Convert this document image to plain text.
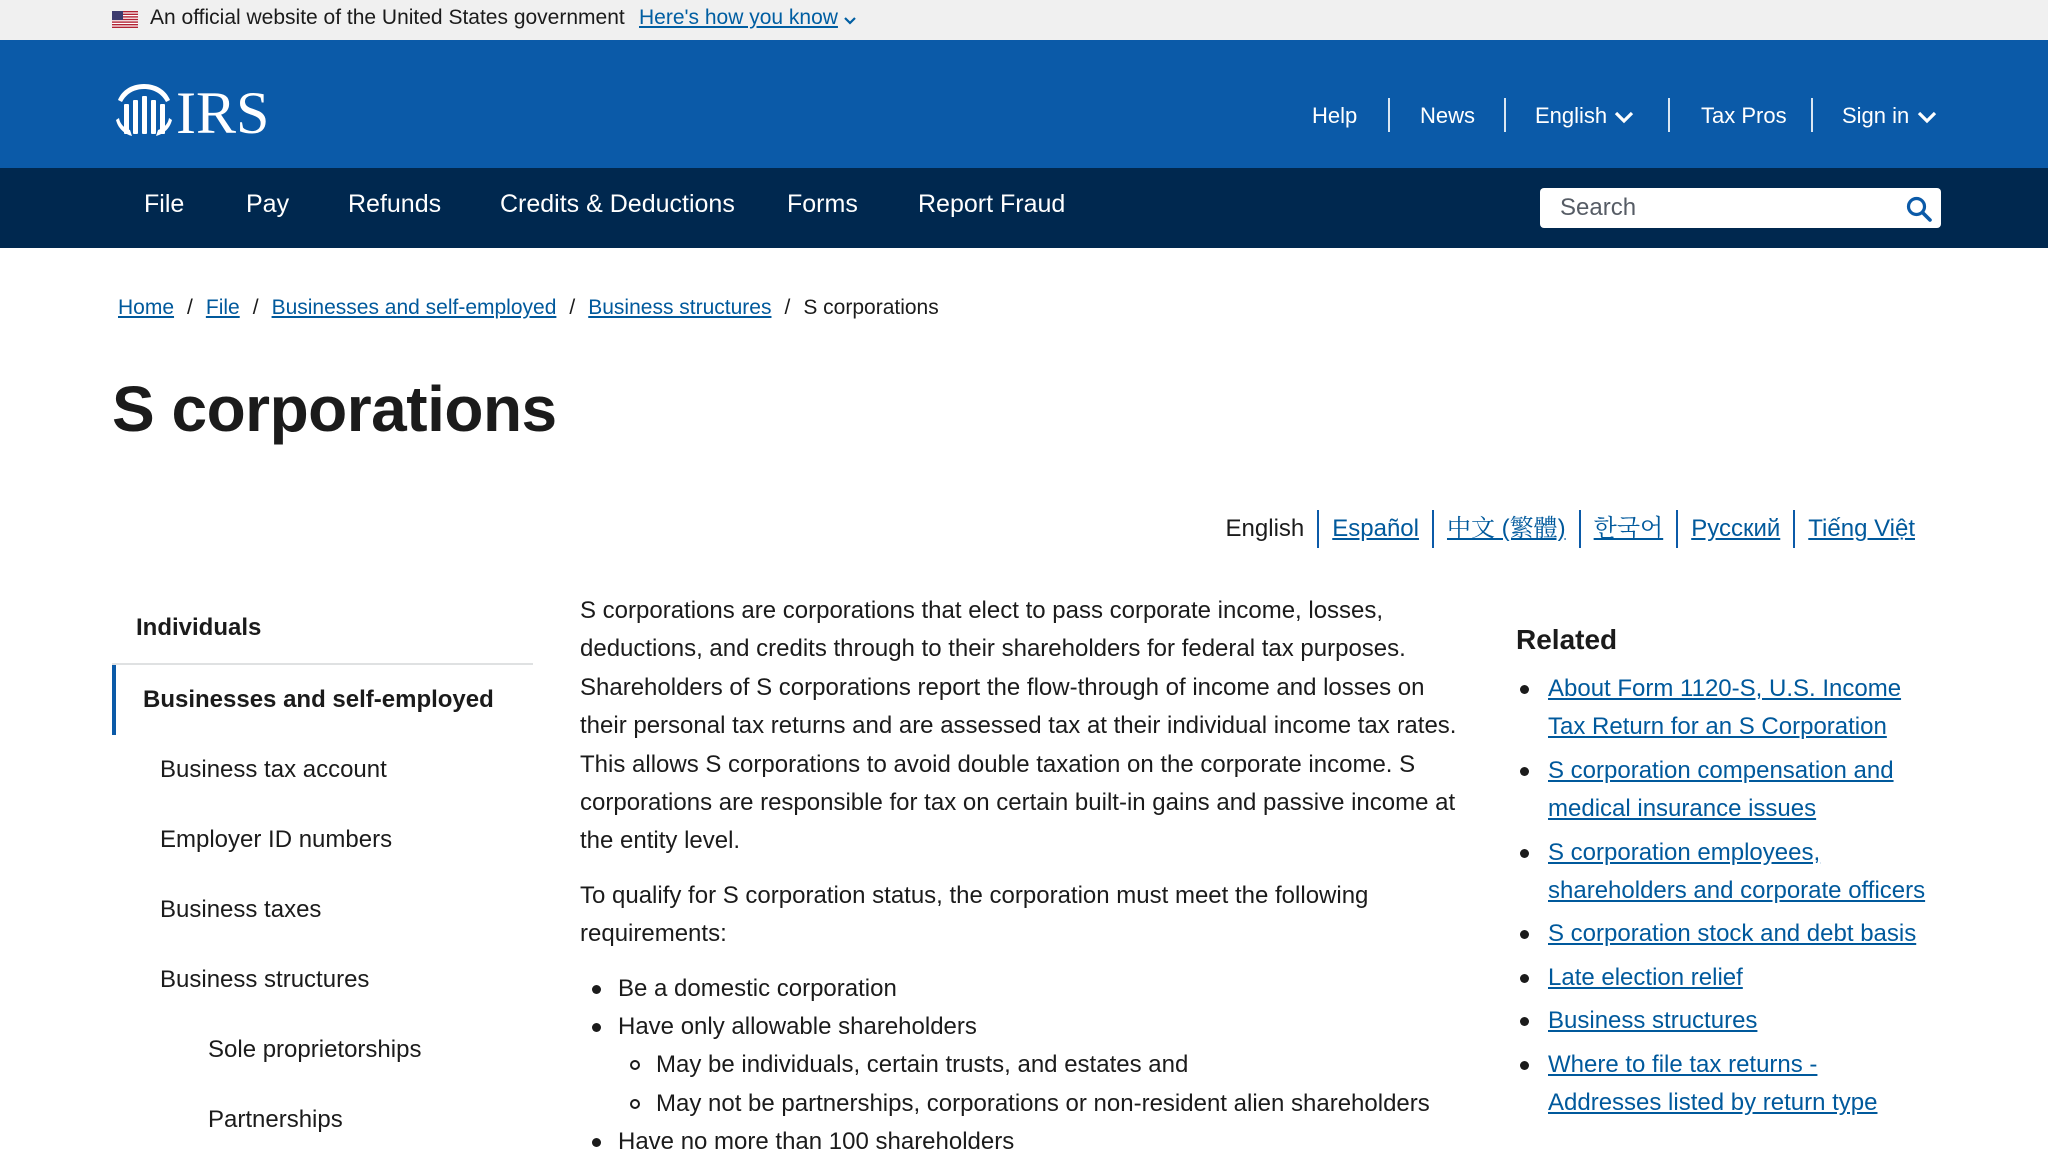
An official website of the United States government Here's how you know
IRS	Help	News	English	Tax Pros	Sign in
File Pay Refunds Credits & Deductions Forms Report Fraud
Search
Home / File / Businesses and self-employed / Business structures / S corporations
S corporations
English	Español	中文 (繁體)	한국어	Русский	Tiếng Việt
Individuals
Businesses and self-employed
Business tax account
Employer ID numbers
Business taxes
Business structures
Sole proprietorships
Partnerships

S corporations are corporations that elect to pass corporate income, losses, deductions, and credits through to their shareholders for federal tax purposes. Shareholders of S corporations report the flow-through of income and losses on their personal tax returns and are assessed tax at their individual income tax rates. This allows S corporations to avoid double taxation on the corporate income. S corporations are responsible for tax on certain built-in gains and passive income at the entity level.

To qualify for S corporation status, the corporation must meet the following requirements:

Be a domestic corporation
Have only allowable shareholders
May be individuals, certain trusts, and estates and
May not be partnerships, corporations or non-resident alien shareholders
Have no more than 100 shareholders
Related
About Form 1120-S, U.S. Income Tax Return for an S Corporation
S corporation compensation and medical insurance issues
S corporation employees, shareholders and corporate officers
S corporation stock and debt basis
Late election relief
Business structures
Where to file tax returns - Addresses listed by return type
